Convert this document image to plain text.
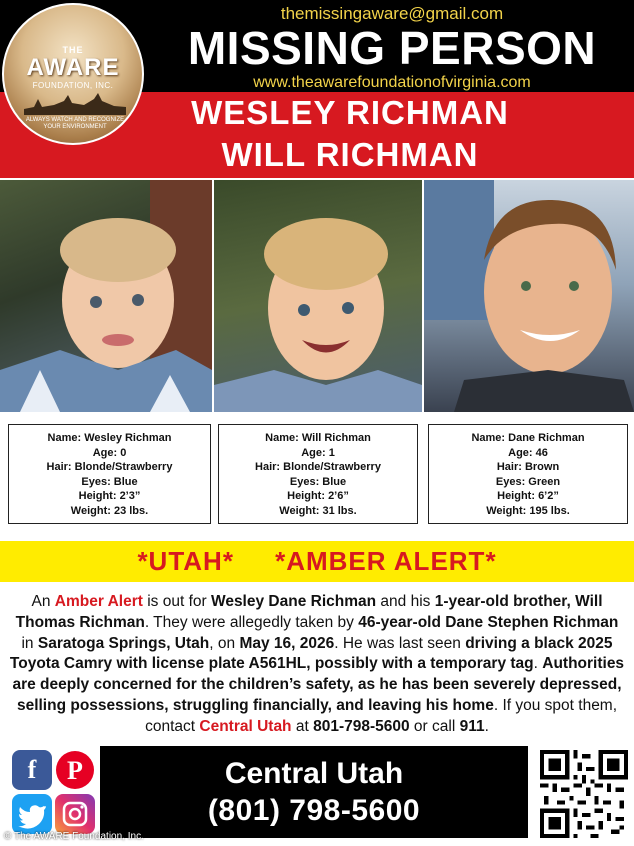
themissingaware@gmail.com
MISSING PERSON
www.theawarefoundationofvirginia.com
THE
AWARE
FOUNDATION, INC.
ALWAYS WATCH AND RECOGNIZE YOUR ENVIRONMENT	WESLEY RICHMAN
WILL RICHMAN
Name: Wesley Richman
Age: 0
Hair: Blonde/Strawberry
Eyes: Blue
Height: 2’3”
Weight: 23 lbs.
Name: Will Richman
Age: 1
Hair: Blonde/Strawberry
Eyes: Blue
Height: 2’6”
Weight: 31 lbs.
Name: Dane Richman
Age: 46
Hair: Brown
Eyes: Green
Height: 6’2”
Weight: 195 lbs.
*UTAH*     *AMBER ALERT*
An Amber Alert is out for Wesley Dane Richman and his 1-year-old brother, Will Thomas Richman. They were allegedly taken by 46-year-old Dane Stephen Richman in Saratoga Springs, Utah, on May 16, 2026. He was last seen driving a black 2025 Toyota Camry with license plate A561HL, possibly with a temporary tag. Authorities are deeply concerned for the children’s safety, as he has been severely depressed, selling possessions, struggling financially, and leaving his home. If you spot them, contact Central Utah at 801-798-5600 or call 911.
f	P	Central Utah
(801) 798-5600
© The AWARE Foundation, Inc.
